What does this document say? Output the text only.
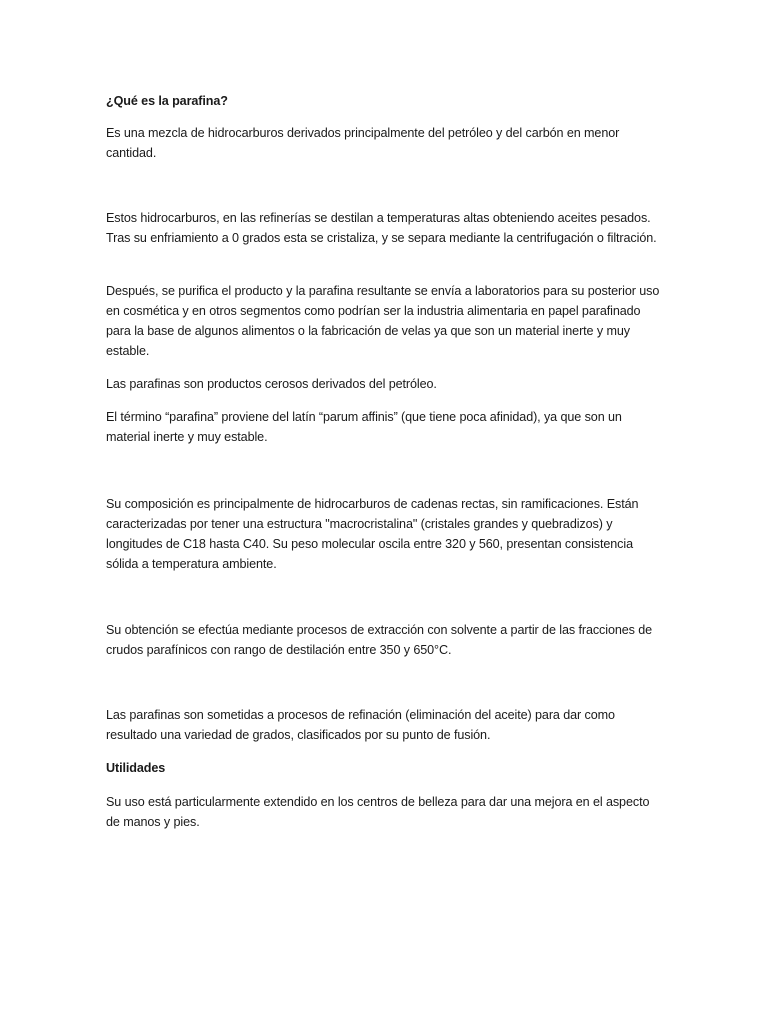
¿Qué es la parafina?

Es una mezcla de hidrocarburos derivados principalmente del petróleo y del carbón en menor cantidad.

Estos hidrocarburos, en las refinerías se destilan a temperaturas altas obteniendo aceites pesados. Tras su enfriamiento a 0 grados esta se cristaliza, y se separa mediante la centrifugación o filtración.

Después, se purifica el producto y la parafina resultante se envía a laboratorios para su posterior uso en cosmética y en otros segmentos como podrían ser la industria alimentaria en papel parafinado para la base de algunos alimentos o la fabricación de velas ya que son un material inerte y muy estable.

Las parafinas son productos cerosos derivados del petróleo.

El término “parafina” proviene del latín “parum affinis” (que tiene poca afinidad), ya que son un material inerte y muy estable.

Su composición es principalmente de hidrocarburos de cadenas rectas, sin ramificaciones. Están caracterizadas por tener una estructura "macrocristalina" (cristales grandes y quebradizos) y longitudes de C18 hasta C40. Su peso molecular oscila entre 320 y 560, presentan consistencia sólida a temperatura ambiente.

Su obtención se efectúa mediante procesos de extracción con solvente a partir de las fracciones de crudos parafínicos con rango de destilación entre 350 y 650°C.

Las parafinas son sometidas a procesos de refinación (eliminación del aceite) para dar como resultado una variedad de grados, clasificados por su punto de fusión.

Utilidades

Su uso está particularmente extendido en los centros de belleza para dar una mejora en el aspecto de manos y pies.
